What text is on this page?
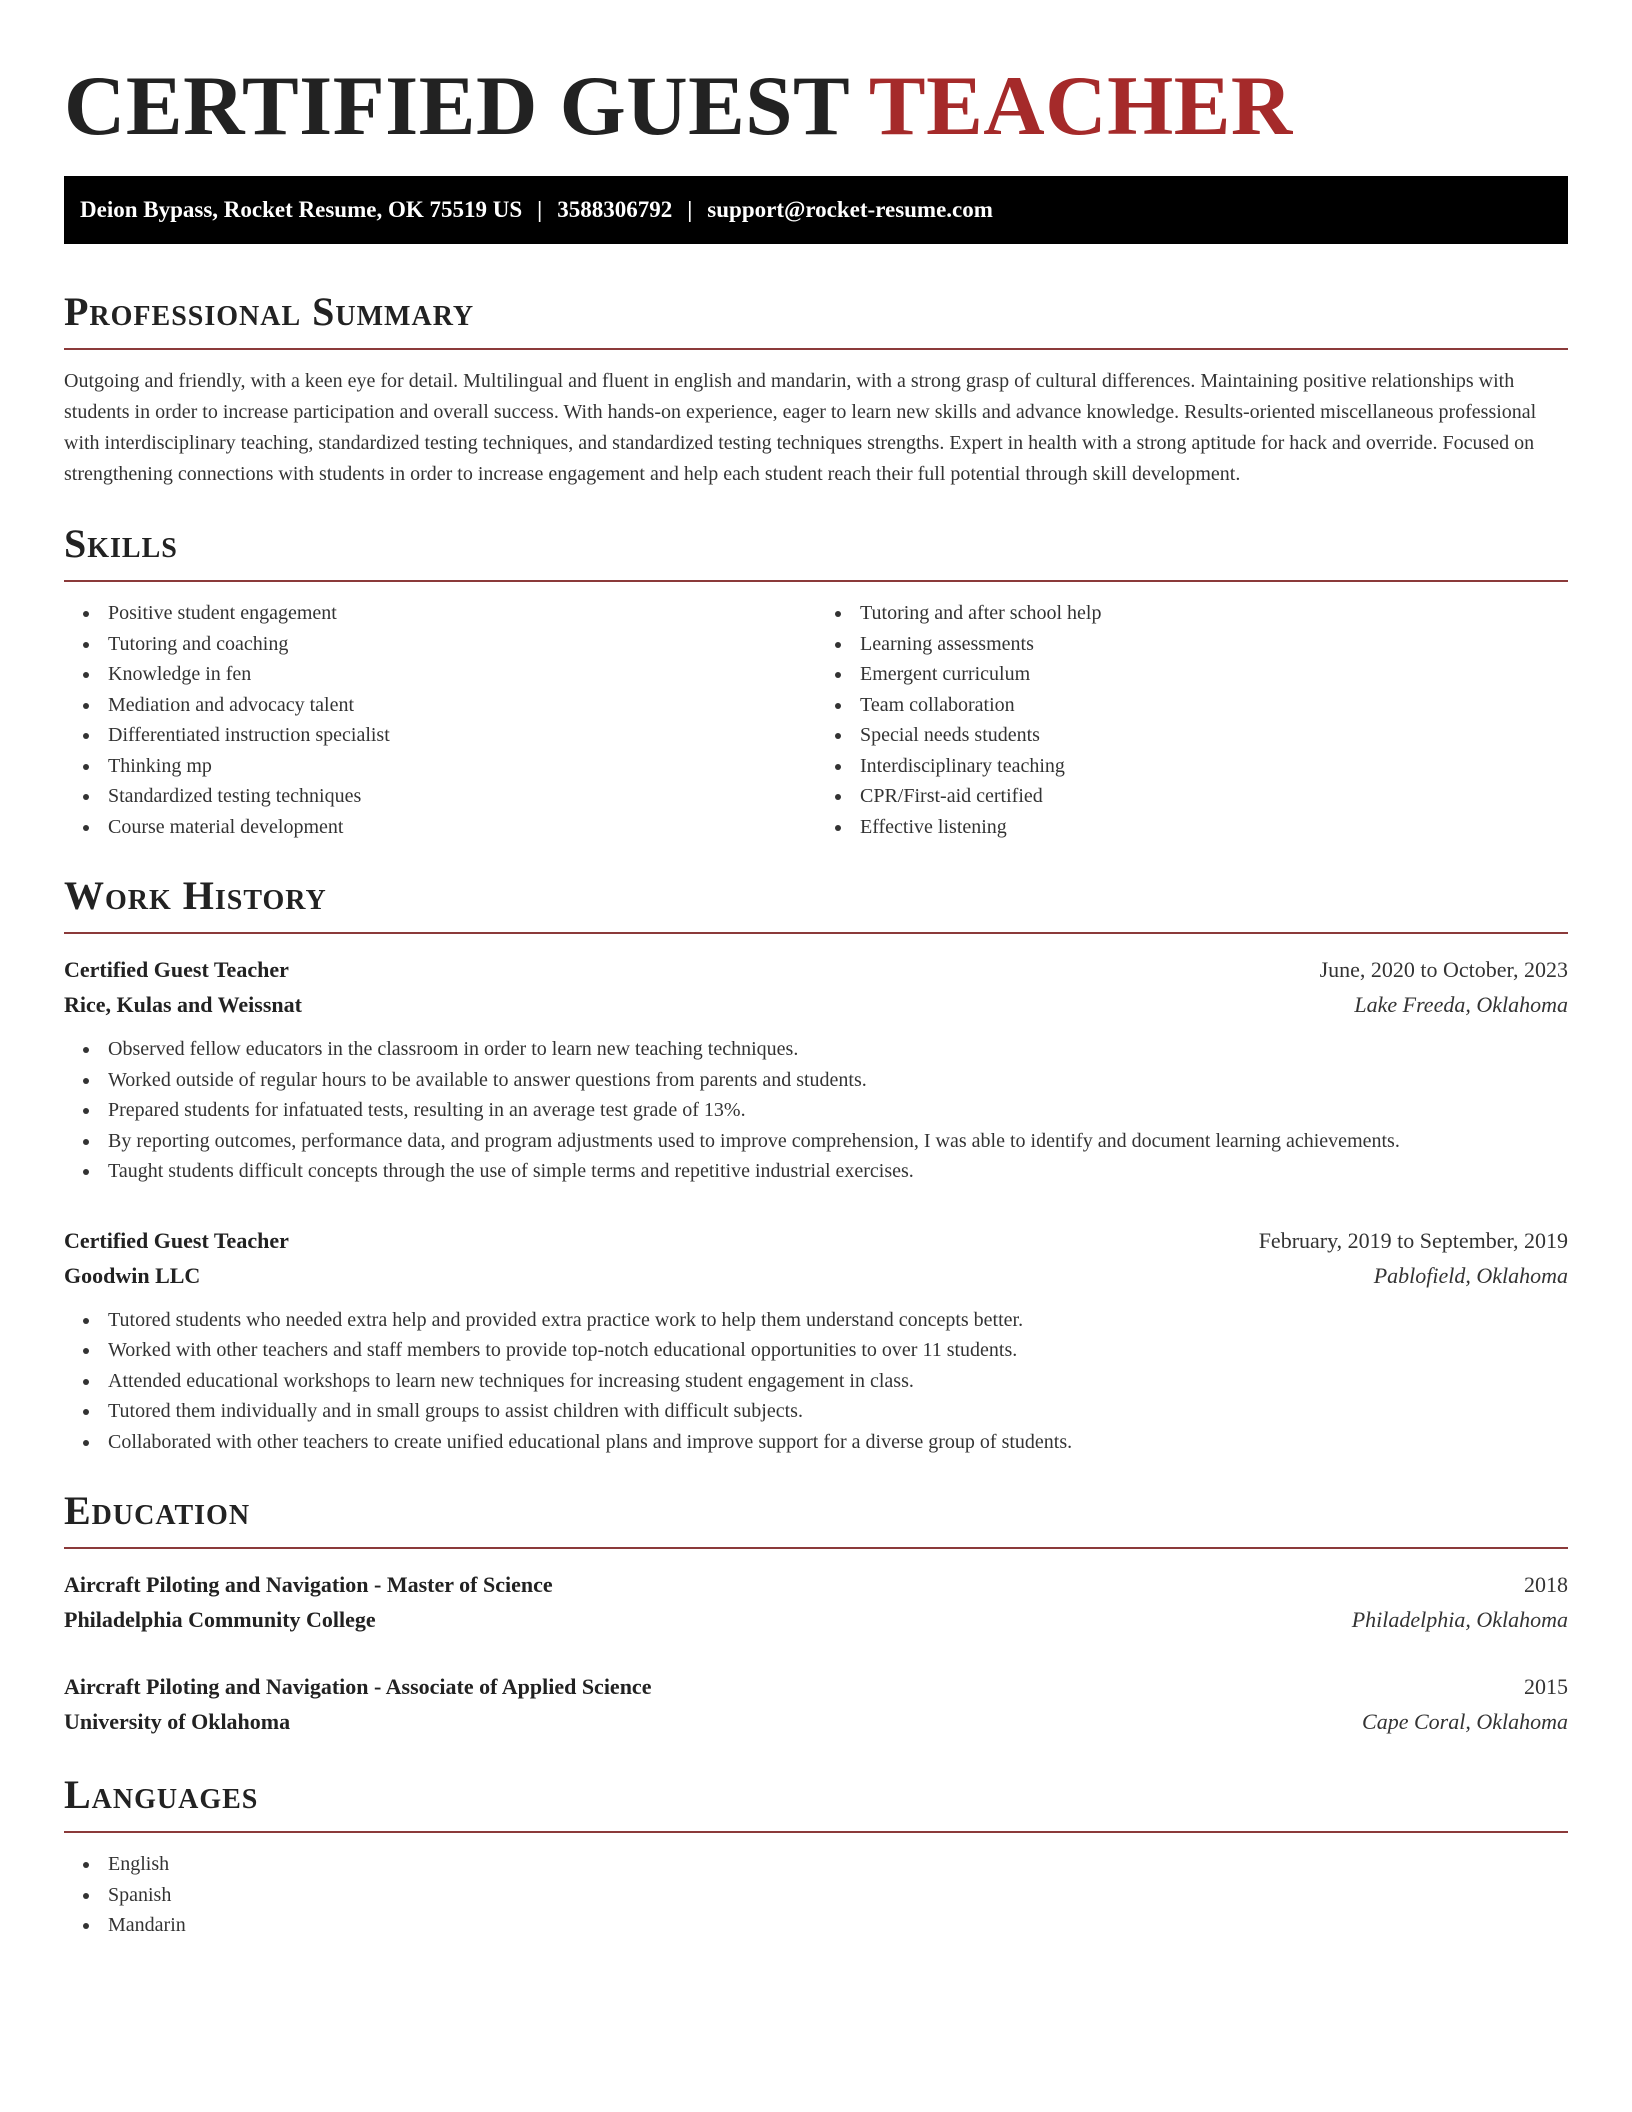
CERTIFIED GUEST TEACHER
Deion Bypass, Rocket Resume, OK 75519 US | 3588306792 | support@rocket-resume.com
Professional Summary

Outgoing and friendly, with a keen eye for detail. Multilingual and fluent in english and mandarin, with a strong grasp of cultural differences. Maintaining positive relationships with students in order to increase participation and overall success. With hands-on experience, eager to learn new skills and advance knowledge. Results-oriented miscellaneous professional with interdisciplinary teaching, standardized testing techniques, and standardized testing techniques strengths. Expert in health with a strong aptitude for hack and override. Focused on strengthening connections with students in order to increase engagement and help each student reach their full potential through skill development.

Skills
Positive student engagement
Tutoring and coaching
Knowledge in fen
Mediation and advocacy talent
Differentiated instruction specialist
Thinking mp
Standardized testing techniques
Course material development
Tutoring and after school help
Learning assessments
Emergent curriculum
Team collaboration
Special needs students
Interdisciplinary teaching
CPR/First-aid certified
Effective listening
Work History
Certified Guest Teacher	June, 2020 to October, 2023
Rice, Kulas and Weissnat	Lake Freeda, Oklahoma
Observed fellow educators in the classroom in order to learn new teaching techniques.
Worked outside of regular hours to be available to answer questions from parents and students.
Prepared students for infatuated tests, resulting in an average test grade of 13%.
By reporting outcomes, performance data, and program adjustments used to improve comprehension, I was able to identify and document learning achievements.
Taught students difficult concepts through the use of simple terms and repetitive industrial exercises.
Certified Guest Teacher	February, 2019 to September, 2019
Goodwin LLC	Pablofield, Oklahoma
Tutored students who needed extra help and provided extra practice work to help them understand concepts better.
Worked with other teachers and staff members to provide top-notch educational opportunities to over 11 students.
Attended educational workshops to learn new techniques for increasing student engagement in class.
Tutored them individually and in small groups to assist children with difficult subjects.
Collaborated with other teachers to create unified educational plans and improve support for a diverse group of students.
Education
Aircraft Piloting and Navigation - Master of Science	2018
Philadelphia Community College	Philadelphia, Oklahoma
Aircraft Piloting and Navigation - Associate of Applied Science	2015
University of Oklahoma	Cape Coral, Oklahoma
Languages
English
Spanish
Mandarin
